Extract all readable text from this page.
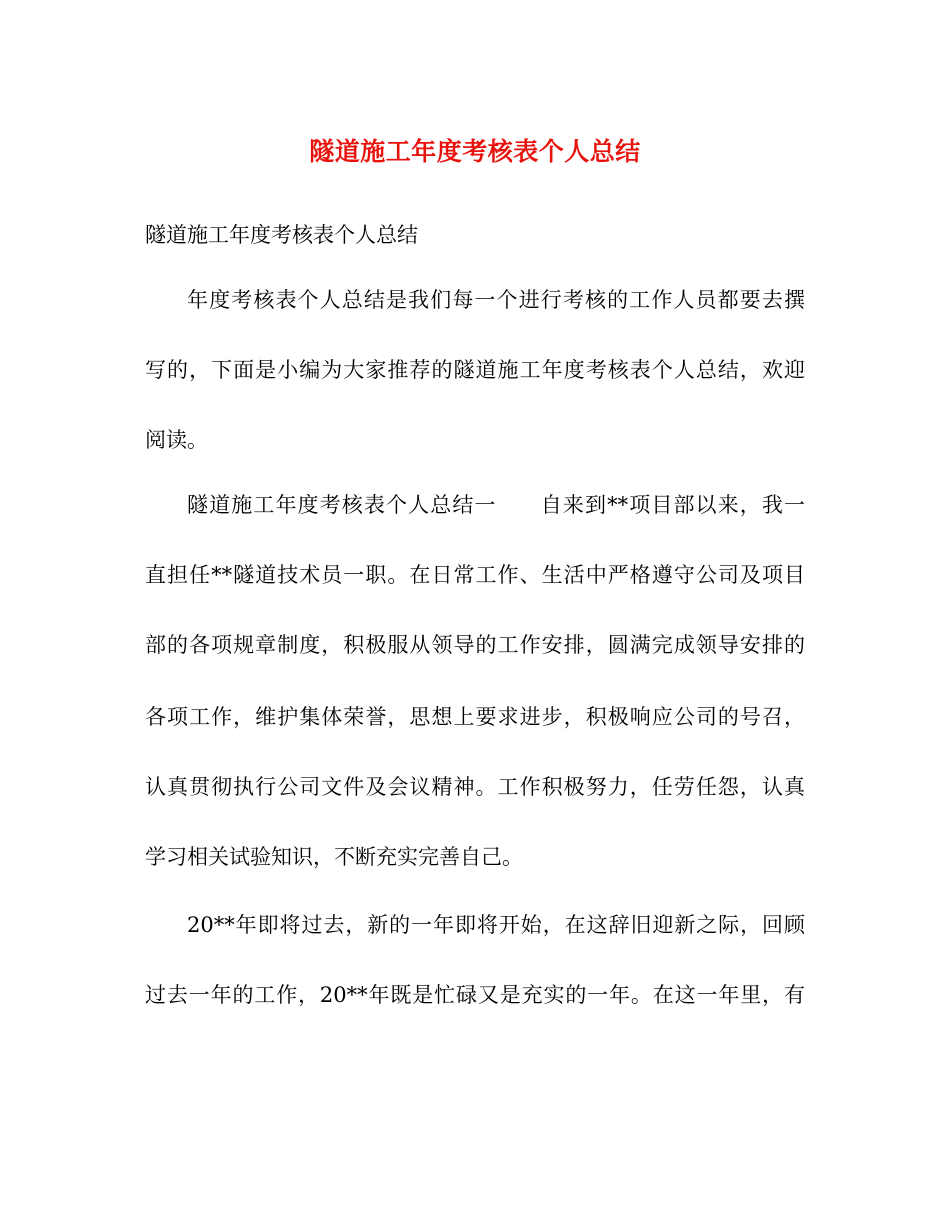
隧道施工年度考核表个人总结
隧道施工年度考核表个人总结
年度考核表个人总结是我们每一个进行考核的工作人员都要去撰
写的，下面是小编为大家推荐的隧道施工年度考核表个人总结，欢迎
阅读。
隧道施工年度考核表个人总结一　　自来到**项目部以来，我一
直担任**隧道技术员一职。在日常工作、生活中严格遵守公司及项目
部的各项规章制度，积极服从领导的工作安排，圆满完成领导安排的
各项工作，维护集体荣誉，思想上要求进步，积极响应公司的号召，
认真贯彻执行公司文件及会议精神。工作积极努力，任劳任怨，认真
学习相关试验知识，不断充实完善自己。
20**年即将过去，新的一年即将开始，在这辞旧迎新之际，回顾
过去一年的工作，20**年既是忙碌又是充实的一年。在这一年里，有
